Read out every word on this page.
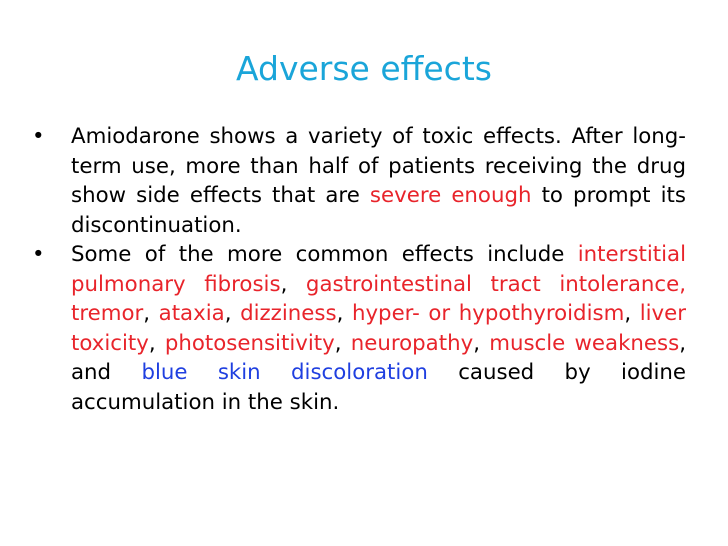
Adverse effects
• Amiodarone shows a variety of toxic effects. After long-term use, more than half of patients receiving the drug show side effects that are severe enough to prompt its discontinuation.
• Some of the more common effects include interstitial pulmonary fibrosis, gastrointestinal tract intolerance, tremor, ataxia, dizziness, hyper- or hypothyroidism, liver toxicity, photosensitivity, neuropathy, muscle weakness, and blue skin discoloration caused by iodine accumulation in the skin.
